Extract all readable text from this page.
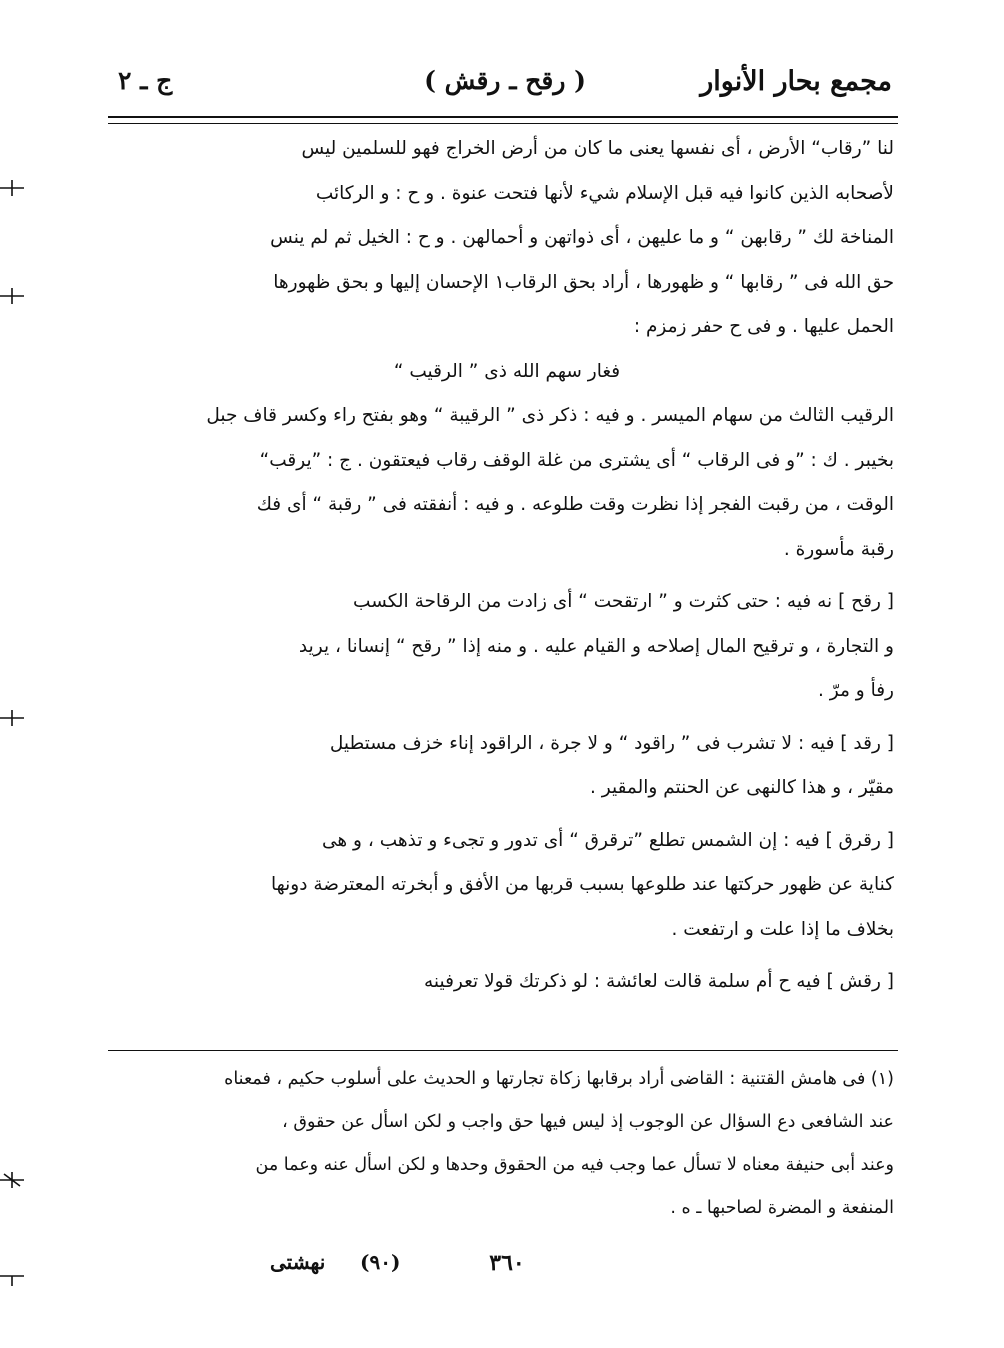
مجمع بحار الأنوار
( رقح ـ رقش )
ج ـ ٢

لنا ”رقاب“ الأرض ، أى نفسها يعنى ما كان من أرض الخراج فهو للسلمين ليس

لأصحابه الذين كانوا فيه قبل الإسلام شيء لأنها فتحت عنوة . و ح : و الركائب

المناخة لك ” رقابهن “ و ما عليهن ، أى ذواتهن و أحمالهن . و ح : الخيل ثم لم ينس

حق الله فى ” رقابها “ و ظهورها ، أراد بحق الرقاب١ الإحسان إليها و بحق ظهورها

الحمل عليها . و فى ح حفر زمزم :

فغار سهم الله ذى ” الرقيب “

الرقيب الثالث من سهام الميسر . و فيه : ذكر ذى ” الرقيبة “ وهو بفتح راء وكسر قاف جبل

بخيبر . ك : ”و فى الرقاب “ أى يشترى من غلة الوقف رقاب فيعتقون . ج : ”يرقب“

الوقت ، من رقبت الفجر إذا نظرت وقت طلوعه . و فيه : أنفقته فى ” رقبة “ أى فك

رقبة مأسورة .

[ رقح ] نه فيه : حتى كثرت و ” ارتقحت “ أى زادت من الرقاحة الكسب

و التجارة ، و ترقيح المال إصلاحه و القيام عليه . و منه إذا ” رقح “ إنسانا ، يريد

رفأ و مرّ .

[ رقد ] فيه : لا تشرب فى ” راقود “ و لا جرة ، الراقود إناء خزف مستطيل

مقيّر ، و هذا كالنهى عن الحنتم والمقير .

[ رقرق ] فيه : إن الشمس تطلع ”ترقرق “ أى تدور و تجىء و تذهب ، و هى

كناية عن ظهور حركتها عند طلوعها بسبب قربها من الأفق و أبخرته المعترضة دونها

بخلاف ما إذا علت و ارتفعت .

[ رقش ] فيه ح أم سلمة قالت لعائشة : لو ذكرتك قولا تعرفينه

(١) فى هامش القتنية : القاضى أراد برقابها زكاة تجارتها و الحديث على أسلوب حكيم ، فمعناه

عند الشافعى دع السؤال عن الوجوب إذ ليس فيها حق واجب و لكن اسأل عن حقوق ،

وعند أبى حنيفة معناه لا تسأل عما وجب فيه من الحقوق وحدها و لكن اسأل عنه وعما من

المنفعة و المضرة لصاحبها ـ ه .

٣٦٠
(٩٠)
نهشتى
